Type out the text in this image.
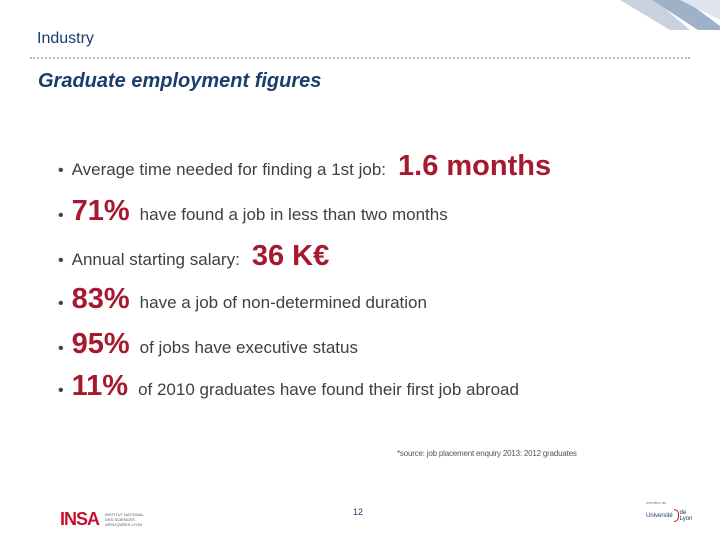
Industry
Graduate employment figures
• Average time needed for finding a 1st job: 1.6 months
• 71% have found a job in less than two months
• Annual starting salary: 36 K€
• 83% have a job of non-determined duration
• 95% of jobs have executive status
• 11% of 2010 graduates have found their first job abroad
*source: job placement enquiry 2013: 2012 graduates
INSA INSTITUT NATIONAL DES SCIENCES APPLIQUÉES LYON
12
membre de
Université de Lyon
